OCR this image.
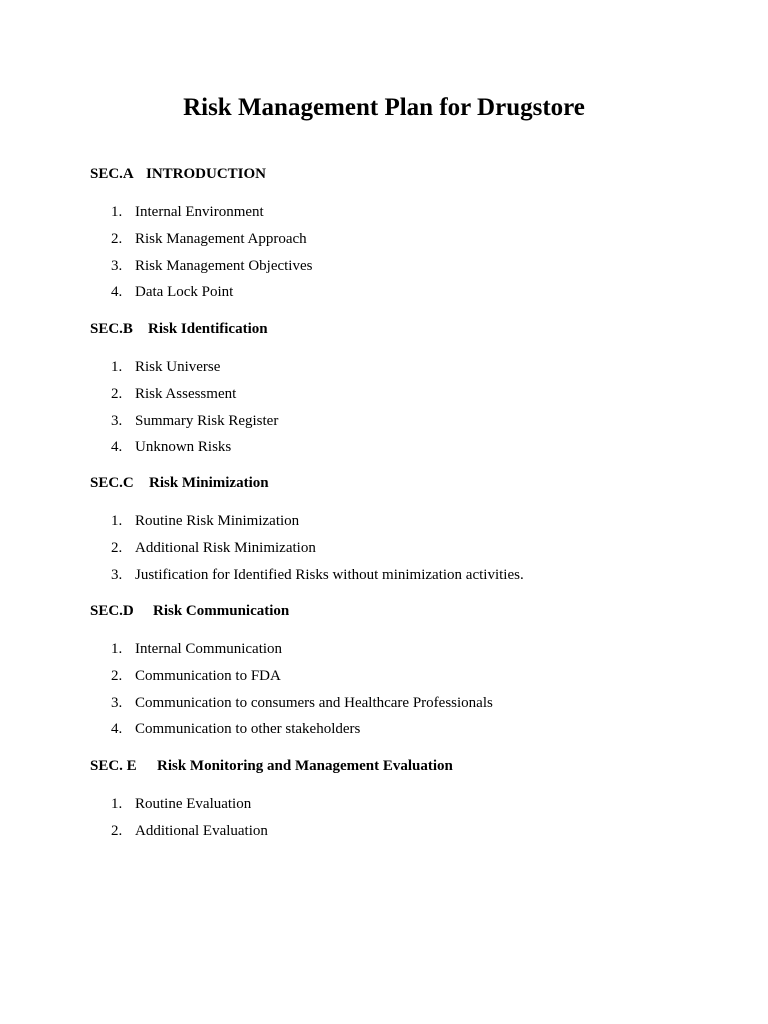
Risk Management Plan for Drugstore

SEC.A INTRODUCTION

1. Internal Environment
2. Risk Management Approach
3. Risk Management Objectives
4. Data Lock Point

SEC.B Risk Identification

1. Risk Universe
2. Risk Assessment
3. Summary Risk Register
4. Unknown Risks

SEC.C Risk Minimization

1. Routine Risk Minimization
2. Additional Risk Minimization
3. Justification for Identified Risks without minimization activities.

SEC.D Risk Communication

1. Internal Communication
2. Communication to FDA
3. Communication to consumers and Healthcare Professionals
4. Communication to other stakeholders

SEC. E Risk Monitoring and Management Evaluation

1. Routine Evaluation
2. Additional Evaluation
